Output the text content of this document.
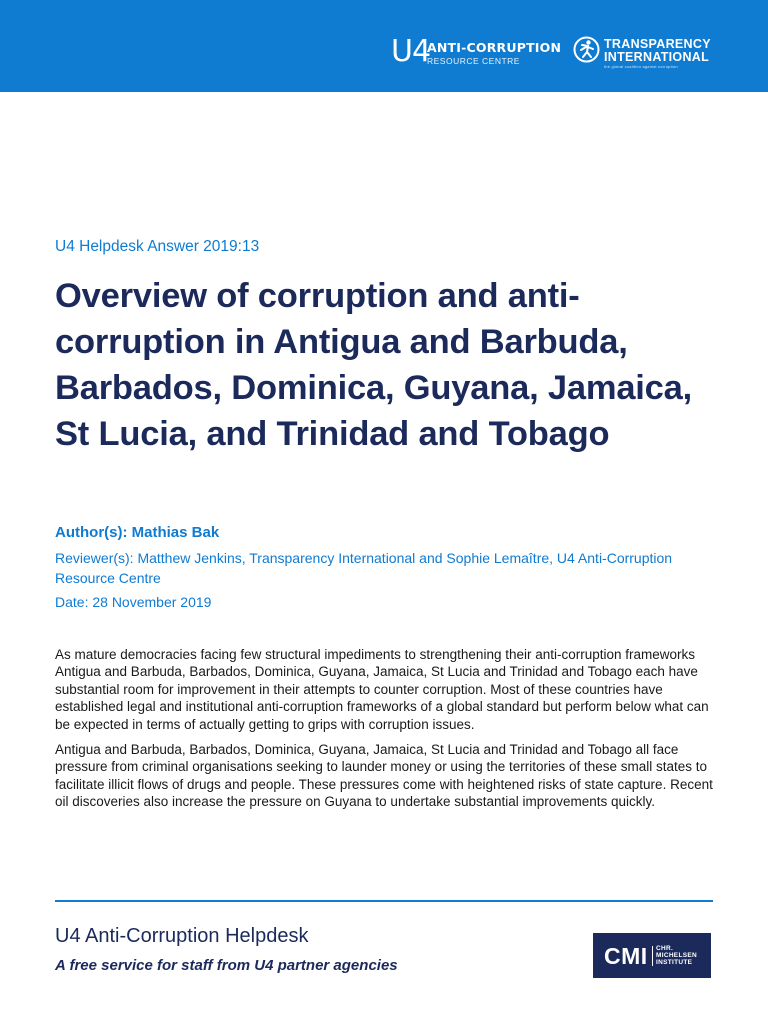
U4
ANTI-CORRUPTION
RESOURCE CENTRE
TRANSPARENCY
INTERNATIONAL
the global coalition against corruption
U4 Helpdesk Answer 2019:13
Overview of corruption and anti-corruption in Antigua and Barbuda, Barbados, Dominica, Guyana, Jamaica, St Lucia, and Trinidad and Tobago
Author(s): Mathias Bak
Reviewer(s): Matthew Jenkins, Transparency International and Sophie Lemaître, U4 Anti-Corruption Resource Centre
Date: 28 November 2019

As mature democracies facing few structural impediments to strengthening their anti-corruption frameworks Antigua and Barbuda, Barbados, Dominica, Guyana, Jamaica, St Lucia and Trinidad and Tobago each have substantial room for improvement in their attempts to counter corruption. Most of these countries have established legal and institutional anti-corruption frameworks of a global standard but perform below what can be expected in terms of actually getting to grips with corruption issues.

Antigua and Barbuda, Barbados, Dominica, Guyana, Jamaica, St Lucia and Trinidad and Tobago all face pressure from criminal organisations seeking to launder money or using the territories of these small states to facilitate illicit flows of drugs and people. These pressures come with heightened risks of state capture. Recent oil discoveries also increase the pressure on Guyana to undertake substantial improvements quickly.

U4 Anti-Corruption Helpdesk
A free service for staff from U4 partner agencies	CMI CHR.
MICHELSEN
INSTITUTE
